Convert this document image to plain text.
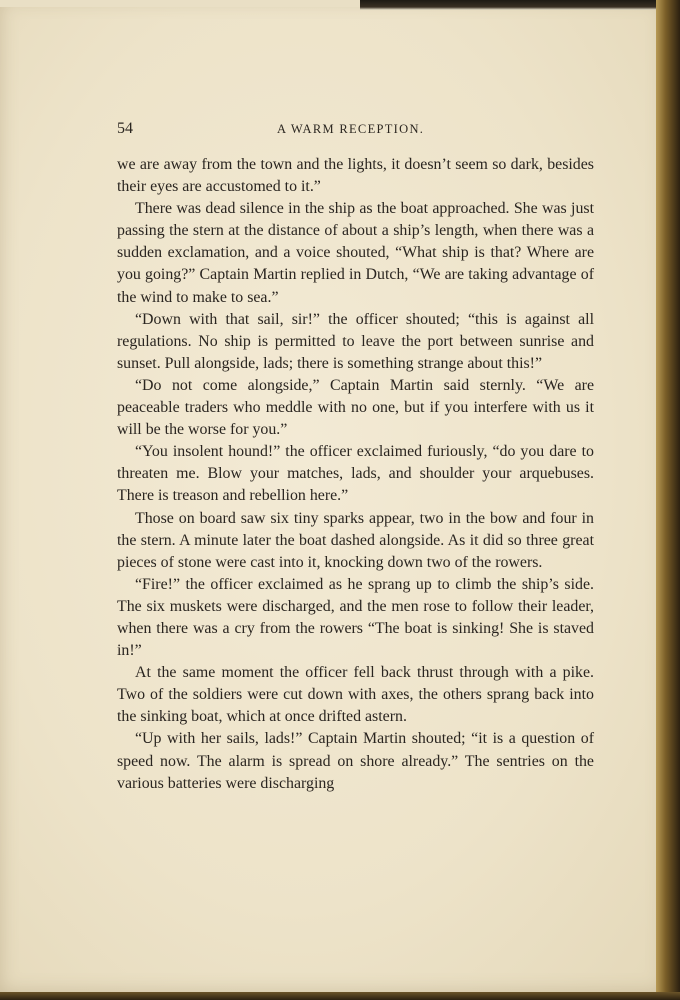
54	A WARM RECEPTION.

we are away from the town and the lights, it doesn’t seem so dark, besides their eyes are accustomed to it.”

There was dead silence in the ship as the boat approached. She was just passing the stern at the distance of about a ship’s length, when there was a sudden exclamation, and a voice shouted, “What ship is that? Where are you going?” Captain Martin replied in Dutch, “We are taking advantage of the wind to make to sea.”

“Down with that sail, sir!” the officer shouted; “this is against all regulations. No ship is permitted to leave the port between sunrise and sunset. Pull alongside, lads; there is something strange about this!”

“Do not come alongside,” Captain Martin said sternly. “We are peaceable traders who meddle with no one, but if you interfere with us it will be the worse for you.”

“You insolent hound!” the officer exclaimed furiously, “do you dare to threaten me. Blow your matches, lads, and shoulder your arquebuses. There is treason and rebellion here.”

Those on board saw six tiny sparks appear, two in the bow and four in the stern. A minute later the boat dashed alongside. As it did so three great pieces of stone were cast into it, knocking down two of the rowers.

“Fire!” the officer exclaimed as he sprang up to climb the ship’s side. The six muskets were discharged, and the men rose to follow their leader, when there was a cry from the rowers “The boat is sinking! She is staved in!”

At the same moment the officer fell back thrust through with a pike. Two of the soldiers were cut down with axes, the others sprang back into the sinking boat, which at once drifted astern.

“Up with her sails, lads!” Captain Martin shouted; “it is a question of speed now. The alarm is spread on shore already.” The sentries on the various batteries were discharging
